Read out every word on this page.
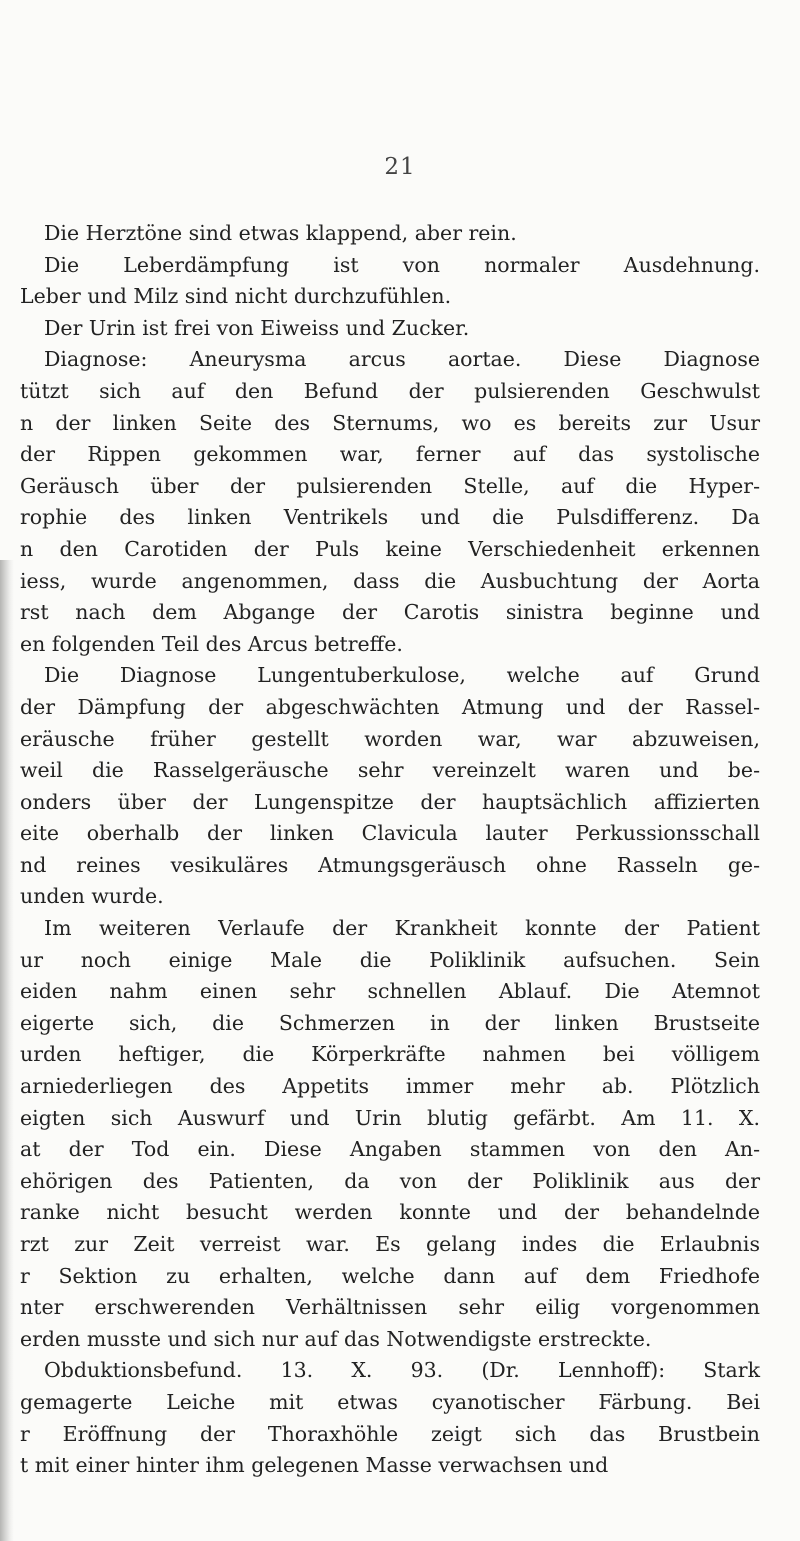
21
Die Herztöne sind etwas klappend, aber rein.
Die Leberdämpfung ist von normaler Ausdehnung.
Leber und Milz sind nicht durchzufühlen.
Der Urin ist frei von Eiweiss und Zucker.
Diagnose: Aneurysma arcus aortae. Diese Diagnose
tützt sich auf den Befund der pulsierenden Geschwulst
n der linken Seite des Sternums, wo es bereits zur Usur
der Rippen gekommen war, ferner auf das systolische
Geräusch über der pulsierenden Stelle, auf die Hyper-
rophie des linken Ventrikels und die Pulsdifferenz. Da
n den Carotiden der Puls keine Verschiedenheit erkennen
iess, wurde angenommen, dass die Ausbuchtung der Aorta
rst nach dem Abgange der Carotis sinistra beginne und
en folgenden Teil des Arcus betreffe.
Die Diagnose Lungentuberkulose, welche auf Grund
der Dämpfung der abgeschwächten Atmung und der Rassel-
eräusche früher gestellt worden war, war abzuweisen,
weil die Rasselgeräusche sehr vereinzelt waren und be-
onders über der Lungenspitze der hauptsächlich affizierten
eite oberhalb der linken Clavicula lauter Perkussionsschall
nd reines vesikuläres Atmungsgeräusch ohne Rasseln ge-
unden wurde.
Im weiteren Verlaufe der Krankheit konnte der Patient
ur noch einige Male die Poliklinik aufsuchen. Sein
eiden nahm einen sehr schnellen Ablauf. Die Atemnot
eigerte sich, die Schmerzen in der linken Brustseite
urden heftiger, die Körperkräfte nahmen bei völligem
arniederliegen des Appetits immer mehr ab. Plötzlich
eigten sich Auswurf und Urin blutig gefärbt. Am 11. X.
at der Tod ein. Diese Angaben stammen von den An-
ehörigen des Patienten, da von der Poliklinik aus der
ranke nicht besucht werden konnte und der behandelnde
rzt zur Zeit verreist war. Es gelang indes die Erlaubnis
r Sektion zu erhalten, welche dann auf dem Friedhofe
nter erschwerenden Verhältnissen sehr eilig vorgenommen
erden musste und sich nur auf das Notwendigste erstreckte.
Obduktionsbefund. 13. X. 93. (Dr. Lennhoff): Stark
gemagerte Leiche mit etwas cyanotischer Färbung. Bei
r Eröffnung der Thoraxhöhle zeigt sich das Brustbein
t mit einer hinter ihm gelegenen Masse verwachsen und
